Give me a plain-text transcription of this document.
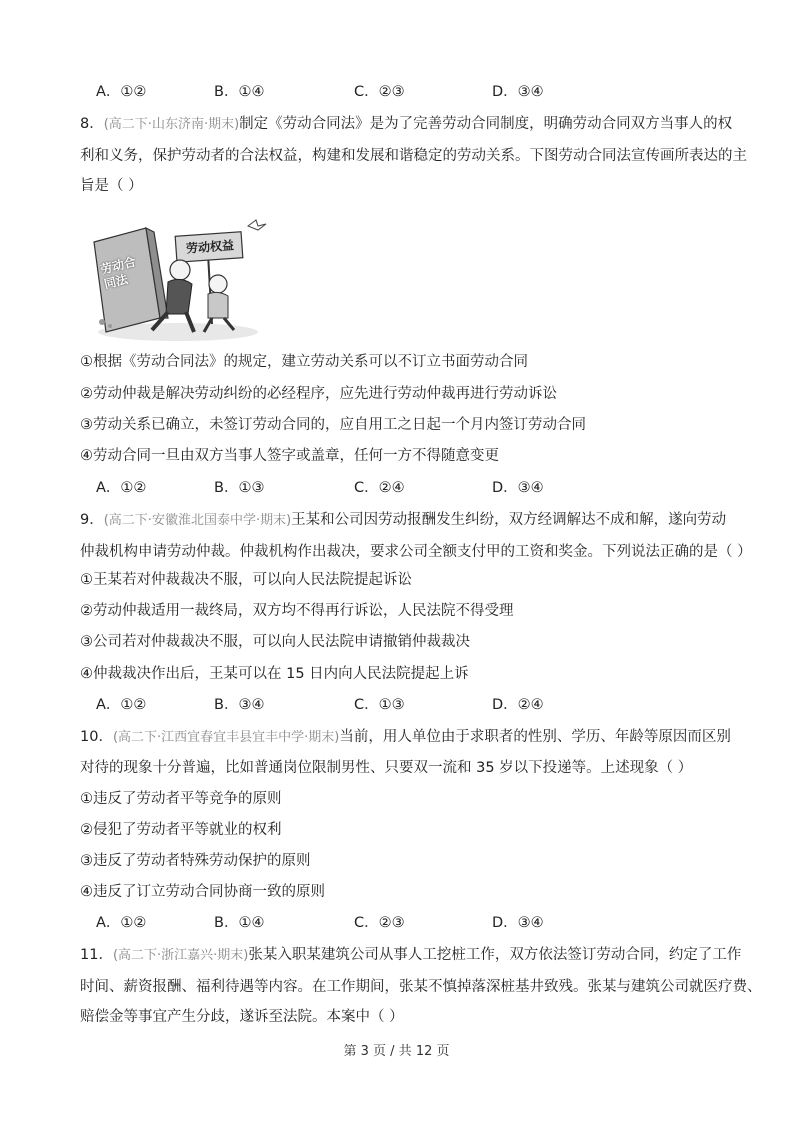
A．①②	B．①④	C．②③	D．③④
8．(高二下·山东济南·期末)制定《劳动合同法》是为了完善劳动合同制度，明确劳动合同双方当事人的权
利和义务，保护劳动者的合法权益，构建和发展和谐稳定的劳动关系。下图劳动合同法宣传画所表达的主
旨是（ ）
劳动合同法
劳动权益
①根据《劳动合同法》的规定，建立劳动关系可以不订立书面劳动合同
②劳动仲裁是解决劳动纠纷的必经程序，应先进行劳动仲裁再进行劳动诉讼
③劳动关系已确立，未签订劳动合同的，应自用工之日起一个月内签订劳动合同
④劳动合同一旦由双方当事人签字或盖章，任何一方不得随意变更
A．①②	B．①③	C．②④	D．③④
9．(高二下·安徽淮北国泰中学·期末)王某和公司因劳动报酬发生纠纷，双方经调解达不成和解，遂向劳动
仲裁机构申请劳动仲裁。仲裁机构作出裁决，要求公司全额支付甲的工资和奖金。下列说法正确的是（ ）
①王某若对仲裁裁决不服，可以向人民法院提起诉讼
②劳动仲裁适用一裁终局，双方均不得再行诉讼，人民法院不得受理
③公司若对仲裁裁决不服，可以向人民法院申请撤销仲裁裁决
④仲裁裁决作出后，王某可以在 15 日内向人民法院提起上诉
A．①②	B．③④	C．①③	D．②④
10．(高二下·江西宜春宜丰县宜丰中学·期末)当前，用人单位由于求职者的性别、学历、年龄等原因而区别
对待的现象十分普遍，比如普通岗位限制男性、只要双一流和 35 岁以下投递等。上述现象（ ）
①违反了劳动者平等竞争的原则
②侵犯了劳动者平等就业的权利
③违反了劳动者特殊劳动保护的原则
④违反了订立劳动合同协商一致的原则
A．①②	B．①④	C．②③	D．③④
11．(高二下·浙江嘉兴·期末)张某入职某建筑公司从事人工挖桩工作，双方依法签订劳动合同，约定了工作
时间、薪资报酬、福利待遇等内容。在工作期间，张某不慎掉落深桩基井致残。张某与建筑公司就医疗费、
赔偿金等事宜产生分歧，遂诉至法院。本案中（ ）
第 3 页 / 共 12 页
